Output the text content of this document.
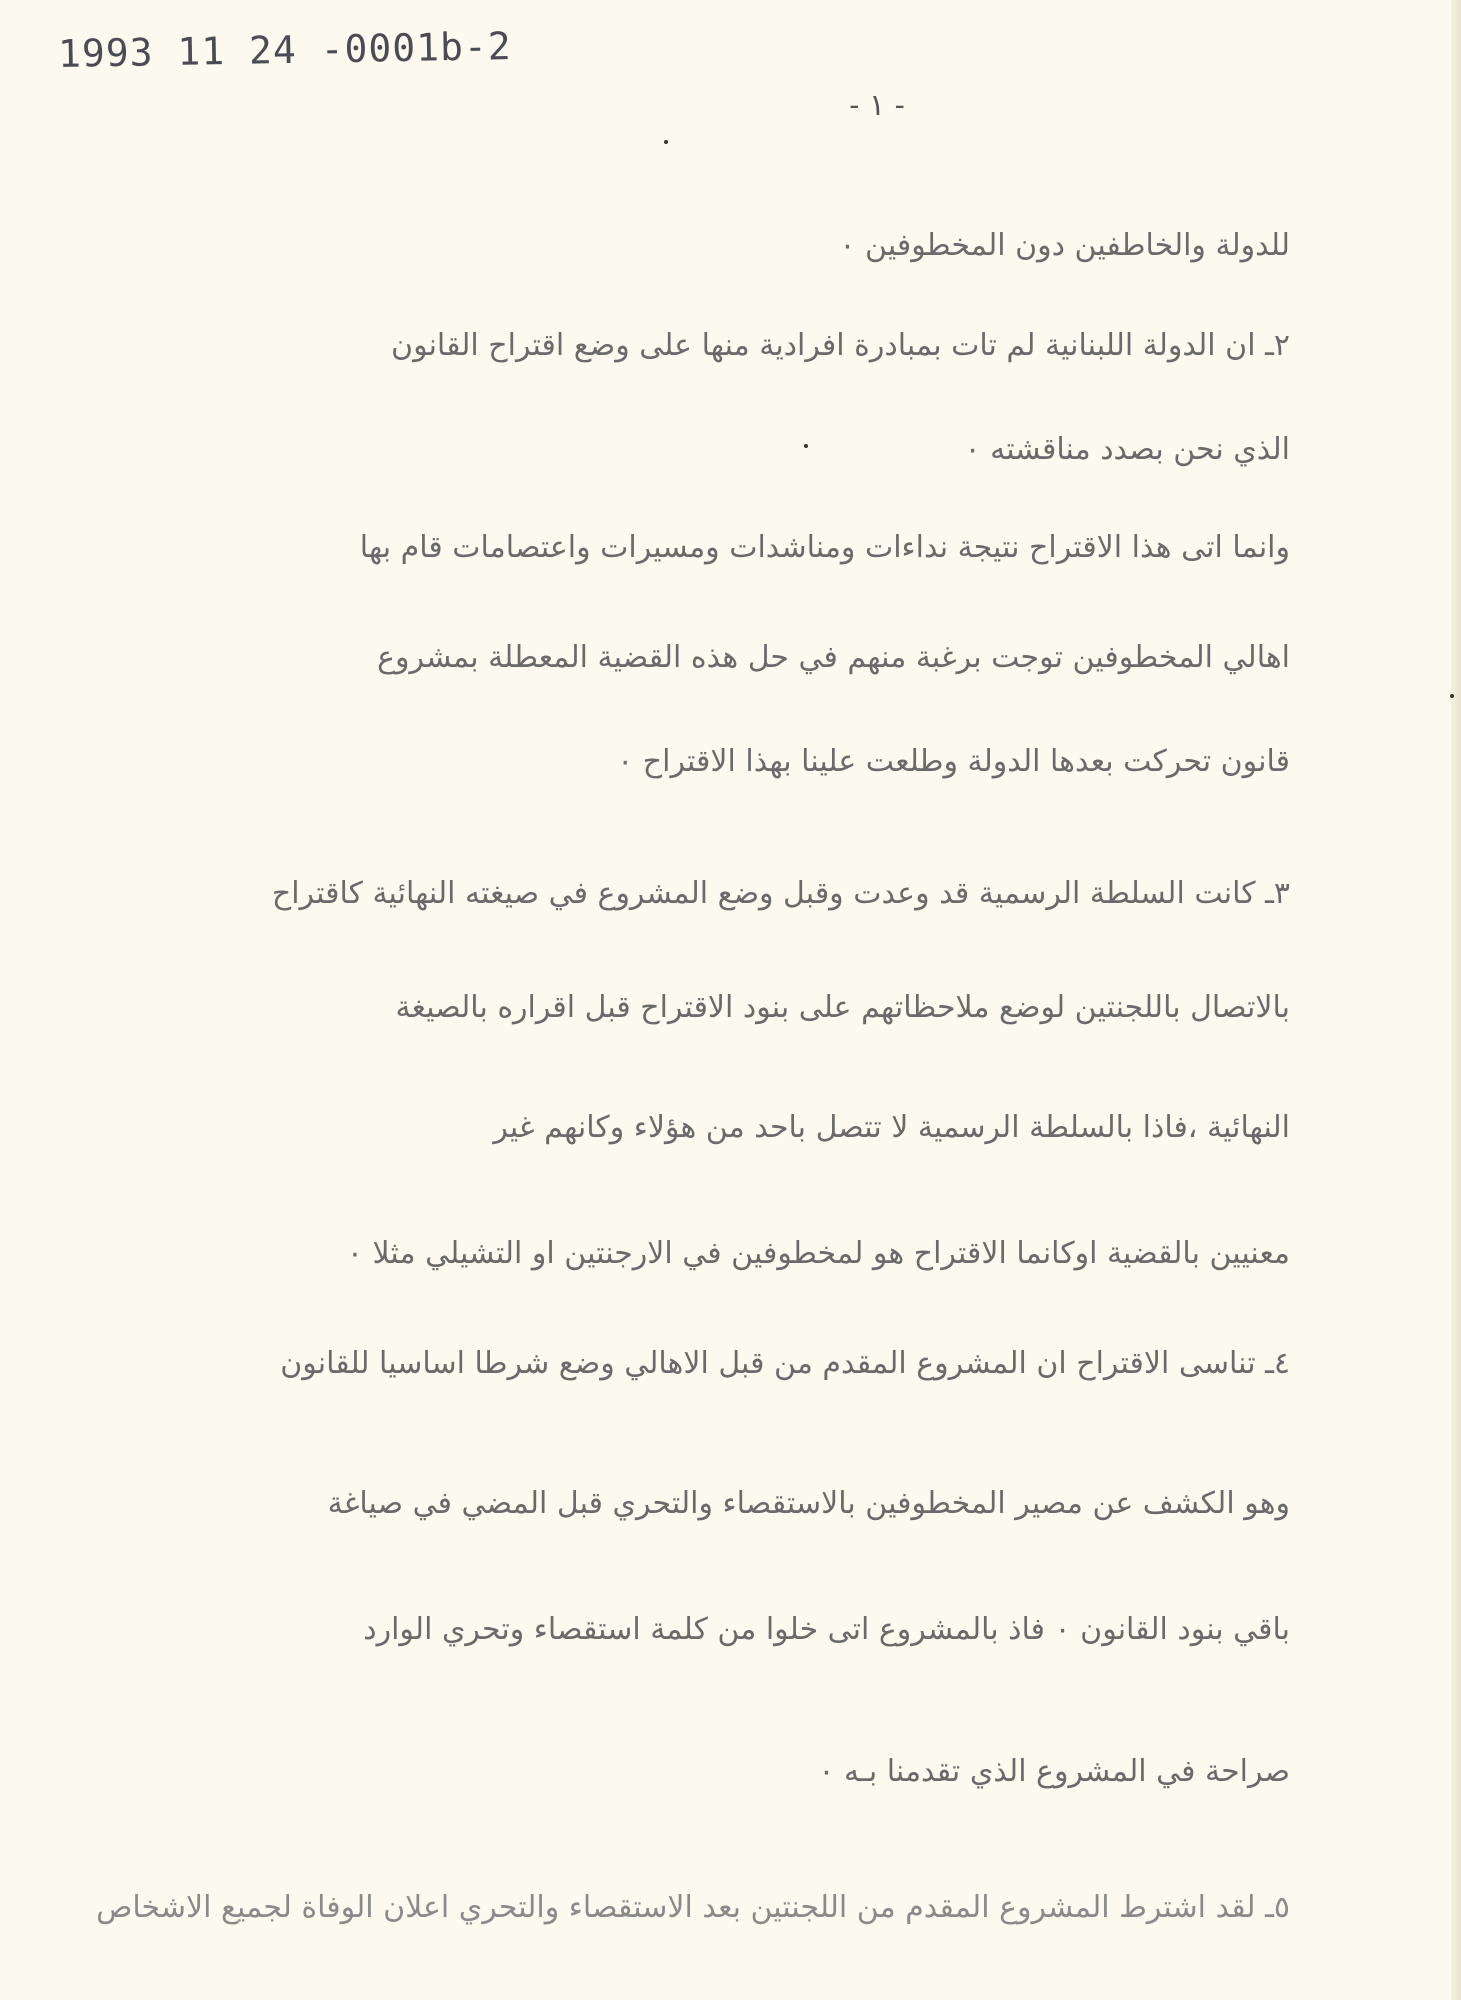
1993 11 24 -0001b-2
- ١ -
للدولة والخاطفين دون المخطوفين ٠
٢ـ ان الدولة اللبنانية لم تات بمبادرة افرادية منها على وضع اقتراح القانون
الذي نحن بصدد مناقشته ٠
وانما اتى هذا الاقتراح نتيجة نداءات ومناشدات ومسيرات واعتصامات قام بها
اهالي المخطوفين توجت برغبة منهم في حل هذه القضية المعطلة بمشروع
قانون تحركت بعدها الدولة وطلعت علينا بهذا الاقتراح ٠
٣ـ كانت السلطة الرسمية قد وعدت وقبل وضع المشروع في صيغته النهائية كاقتراح
بالاتصال باللجنتين لوضع ملاحظاتهم على بنود الاقتراح قبل اقراره بالصيغة
النهائية ،فاذا بالسلطة الرسمية لا تتصل باحد من هؤلاء وكانهم غير
معنيين بالقضية اوكانما الاقتراح هو لمخطوفين في الارجنتين او التشيلي مثلا ٠
٤ـ تناسى الاقتراح ان المشروع المقدم من قبل الاهالي وضع شرطا اساسيا للقانون
وهو الكشف عن مصير المخطوفين بالاستقصاء والتحري قبل المضي في صياغة
باقي بنود القانون ٠ فاذ بالمشروع اتى خلوا من كلمة استقصاء وتحري الوارد
صراحة في المشروع الذي تقدمنا بـه ٠
٥ـ لقد اشترط المشروع المقدم من اللجنتين بعد الاستقصاء والتحري اعلان الوفاة لجميع الاشخاص
